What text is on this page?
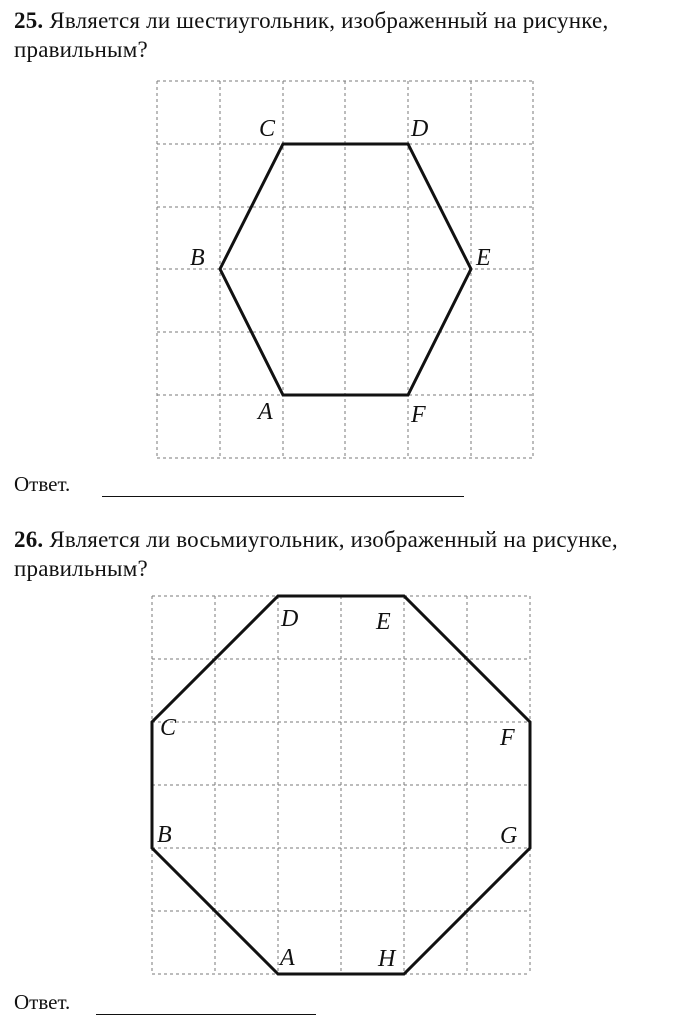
25. Является ли шестиугольник, изображенный на рисунке, правильным?

A
B
C	D
E
F
A
B
C
D	E
F
G
H
Ответ.

26. Является ли восьмиугольник, изображенный на рисунке, правильным?

Ответ.
